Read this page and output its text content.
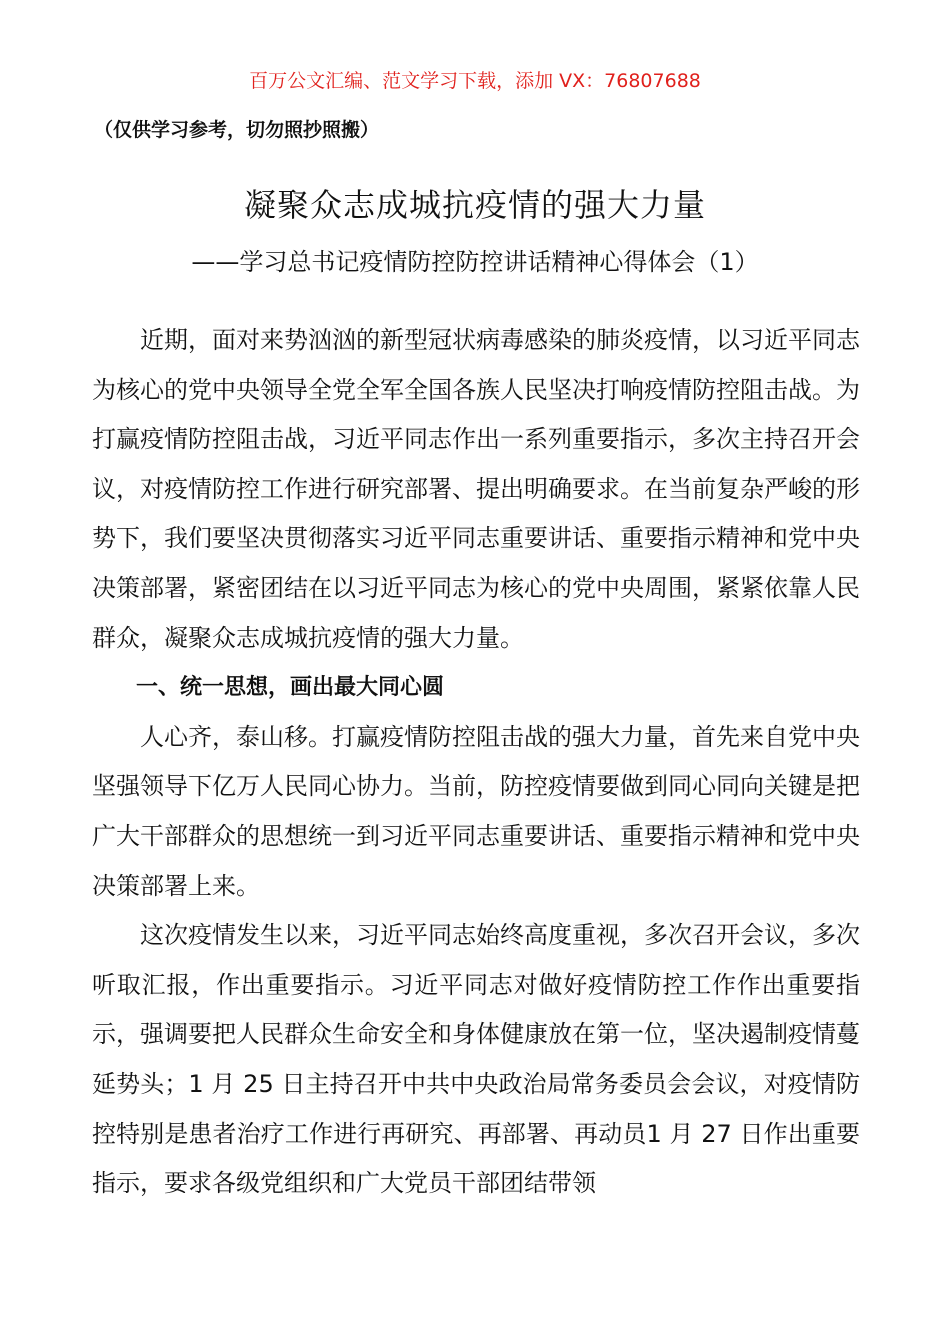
百万公文汇编、范文学习下载，添加 VX：76807688
（仅供学习参考，切勿照抄照搬）
凝聚众志成城抗疫情的强大力量
——学习总书记疫情防控防控讲话精神心得体会（1）

近期，面对来势汹汹的新型冠状病毒感染的肺炎疫情，以习近平同志为核心的党中央领导全党全军全国各族人民坚决打响疫情防控阻击战。为打赢疫情防控阻击战，习近平同志作出一系列重要指示，多次主持召开会议，对疫情防控工作进行研究部署、提出明确要求。在当前复杂严峻的形势下，我们要坚决贯彻落实习近平同志重要讲话、重要指示精神和党中央决策部署，紧密团结在以习近平同志为核心的党中央周围，紧紧依靠人民群众，凝聚众志成城抗疫情的强大力量。

一、统一思想，画出最大同心圆

人心齐，泰山移。打赢疫情防控阻击战的强大力量，首先来自党中央坚强领导下亿万人民同心协力。当前，防控疫情要做到同心同向关键是把广大干部群众的思想统一到习近平同志重要讲话、重要指示精神和党中央决策部署上来。

这次疫情发生以来，习近平同志始终高度重视，多次召开会议，多次听取汇报，作出重要指示。习近平同志对做好疫情防控工作作出重要指示，强调要把人民群众生命安全和身体健康放在第一位，坚决遏制疫情蔓延势头；1 月 25 日主持召开中共中央政治局常务委员会会议，对疫情防控特别是患者治疗工作进行再研究、再部署、再动员1 月 27 日作出重要指示，要求各级党组织和广大党员干部团结带领
